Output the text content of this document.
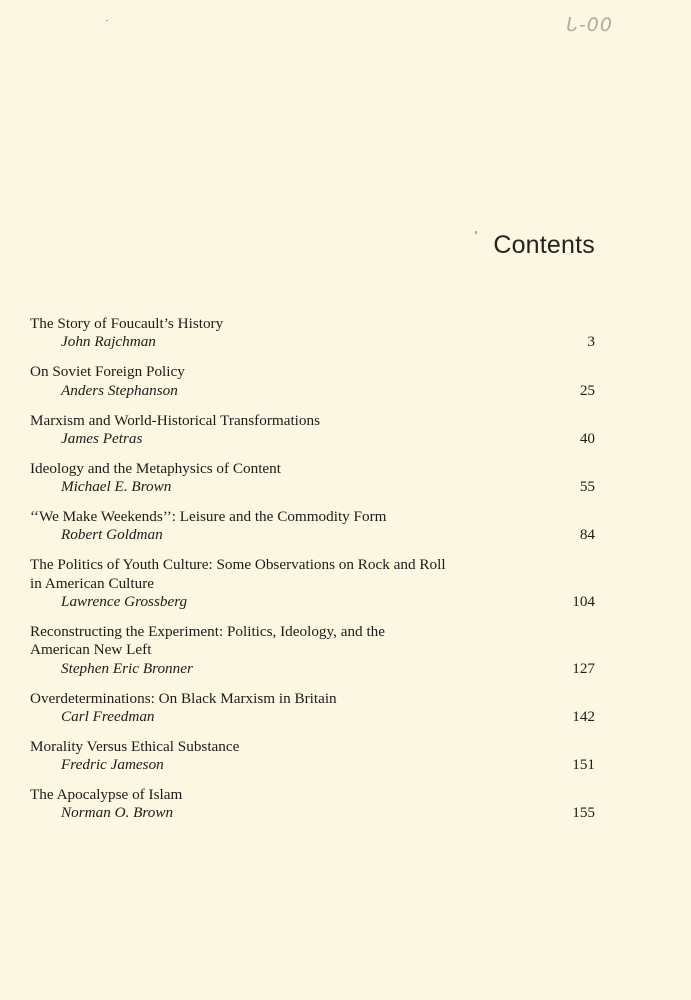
ᒐ-00
Contents
The Story of Foucault’s History
John Rajchman	3
On Soviet Foreign Policy
Anders Stephanson	25
Marxism and World-Historical Transformations
James Petras	40
Ideology and the Metaphysics of Content
Michael E. Brown	55
‘‘We Make Weekends’’: Leisure and the Commodity Form
Robert Goldman	84
The Politics of Youth Culture: Some Observations on Rock and Roll
in American Culture
Lawrence Grossberg	104
Reconstructing the Experiment: Politics, Ideology, and the
American New Left
Stephen Eric Bronner	127
Overdeterminations: On Black Marxism in Britain
Carl Freedman	142
Morality Versus Ethical Substance
Fredric Jameson	151
The Apocalypse of Islam
Norman O. Brown	155
